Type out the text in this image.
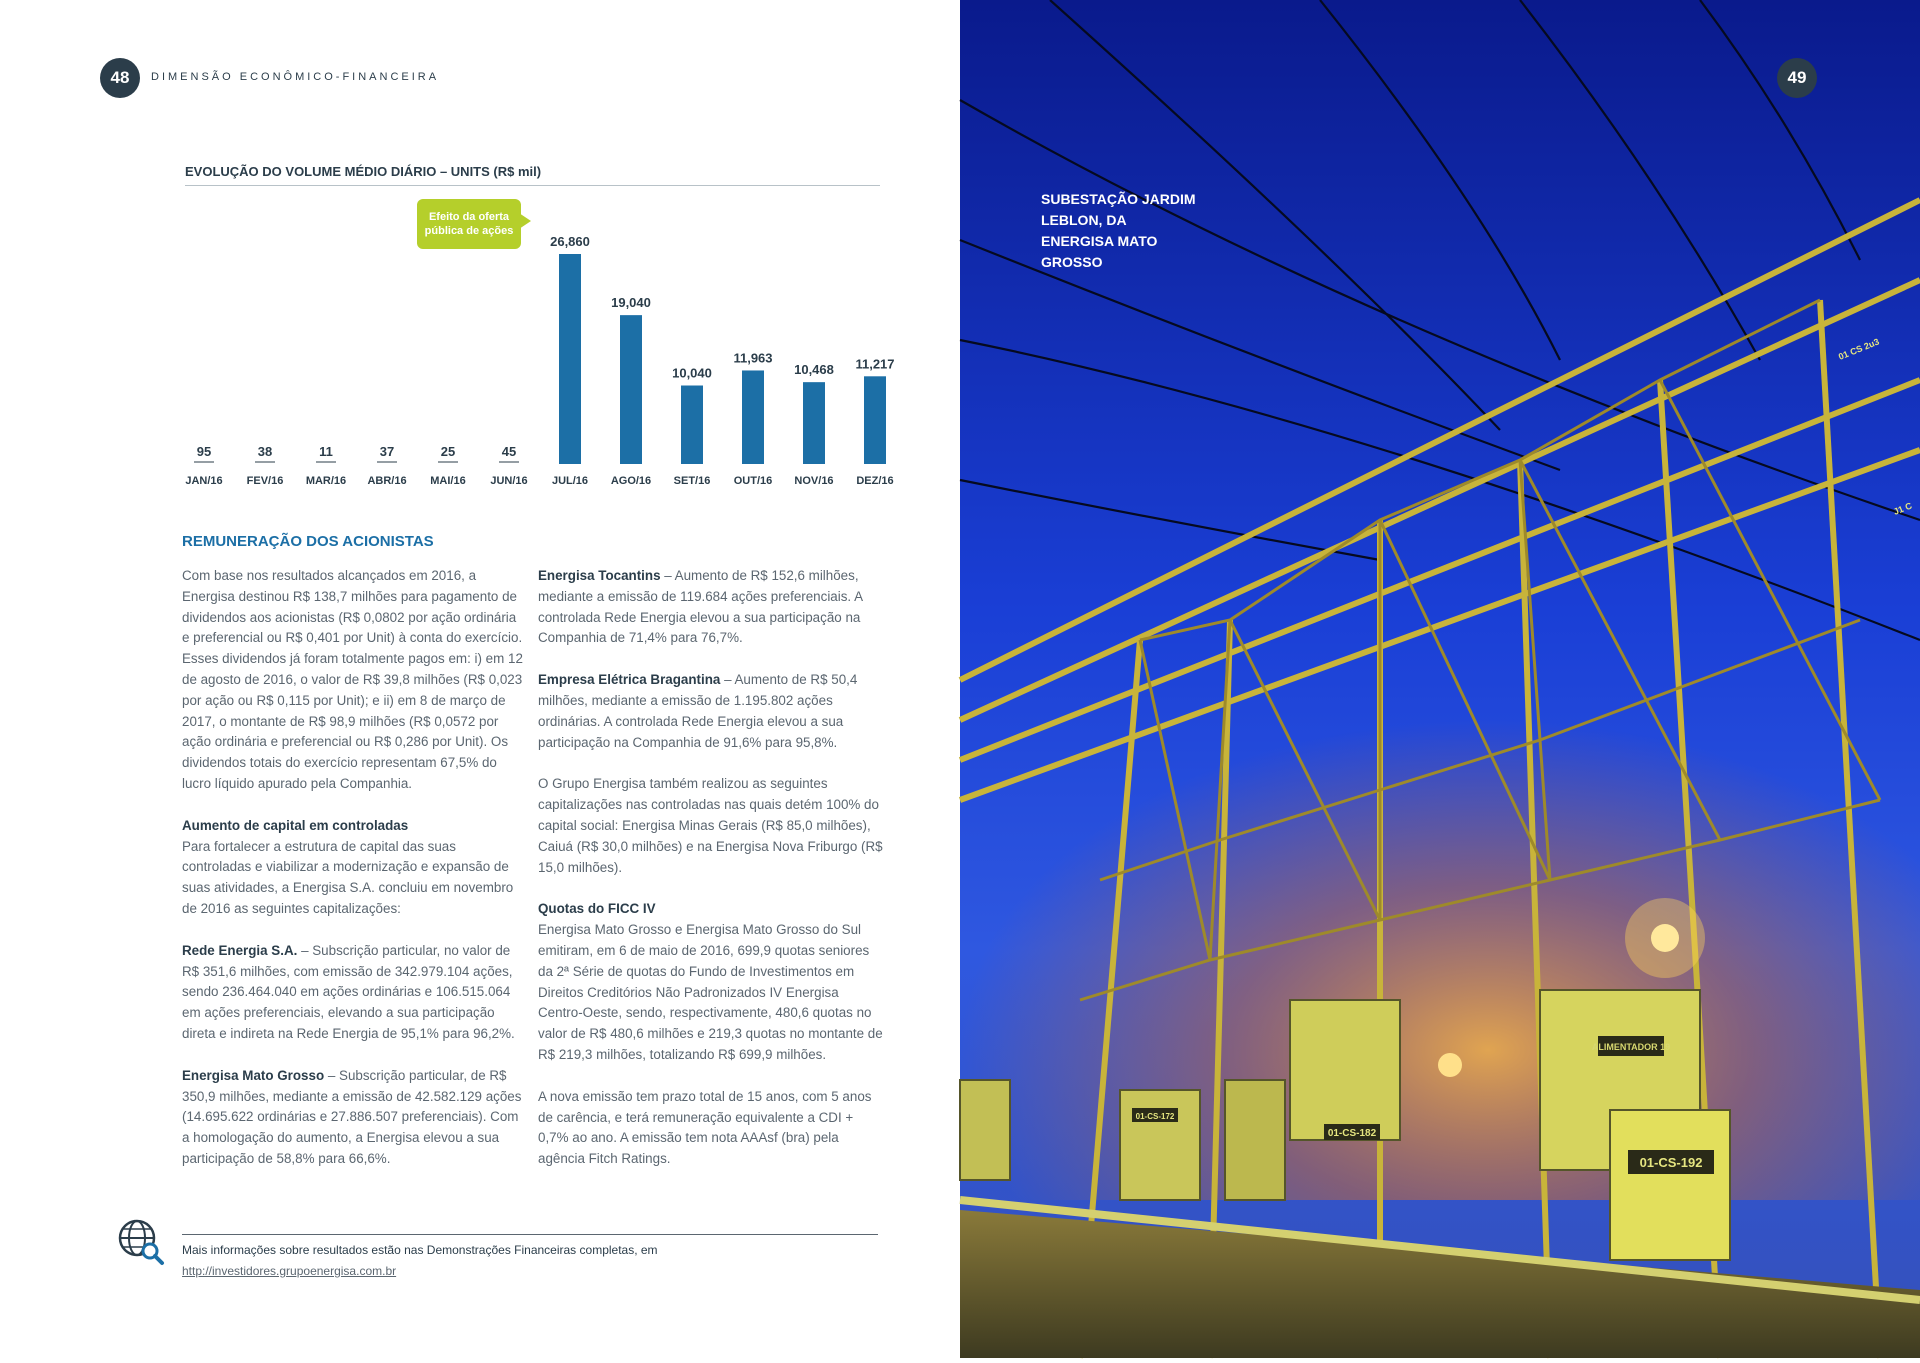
48	DIMENSÃO ECONÔMICO-FINANCEIRA
EVOLUÇÃO DO VOLUME MÉDIO DIÁRIO – UNITS (R$ mil)
Efeito da oferta pública de ações
95
JAN/16
38
FEV/16
11
MAR/16
37
ABR/16
25
MAI/16
45
JUN/16
26,860
JUL/16
19,040
AGO/16
10,040
SET/16
11,963
OUT/16
10,468
NOV/16
11,217
DEZ/16
REMUNERAÇÃO DOS ACIONISTAS

Com base nos resultados alcançados em 2016, a Energisa destinou R$ 138,7 milhões para pagamento de dividendos aos acionistas (R$ 0,0802 por ação ordinária e preferencial ou R$ 0,401 por Unit) à conta do exercício. Esses dividendos já foram totalmente pagos em: i) em 12 de agosto de 2016, o valor de R$ 39,8 milhões (R$ 0,023 por ação ou R$ 0,115 por Unit); e ii) em 8 de março de 2017, o montante de R$ 98,9 milhões (R$ 0,0572 por ação ordinária e preferencial ou R$ 0,286 por Unit). Os dividendos totais do exercício representam 67,5% do lucro líquido apurado pela Companhia.

Aumento de capital em controladas
Para fortalecer a estrutura de capital das suas controladas e viabilizar a modernização e expansão de suas atividades, a Energisa S.A. concluiu em novembro de 2016 as seguintes capitalizações:

Rede Energia S.A. – Subscrição particular, no valor de R$ 351,6 milhões, com emissão de 342.979.104 ações, sendo 236.464.040 em ações ordinárias e 106.515.064 em ações preferenciais, elevando a sua participação direta e indireta na Rede Energia de 95,1% para 96,2%.

Energisa Mato Grosso – Subscrição particular, de R$ 350,9 milhões, mediante a emissão de 42.582.129 ações (14.695.622 ordinárias e 27.886.507 preferenciais). Com a homologação do aumento, a Energisa elevou a sua participação de 58,8% para 66,6%.

Energisa Tocantins – Aumento de R$ 152,6 milhões, mediante a emissão de 119.684 ações preferenciais. A controlada Rede Energia elevou a sua participação na Companhia de 71,4% para 76,7%.

Empresa Elétrica Bragantina – Aumento de R$ 50,4 milhões, mediante a emissão de 1.195.802 ações ordinárias. A controlada Rede Energia elevou a sua participação na Companhia de 91,6% para 95,8%.

O Grupo Energisa também realizou as seguintes capitalizações nas controladas nas quais detém 100% do capital social: Energisa Minas Gerais (R$ 85,0 milhões), Caiuá (R$ 30,0 milhões) e na Energisa Nova Friburgo (R$ 15,0 milhões).

Quotas do FICC IV
Energisa Mato Grosso e Energisa Mato Grosso do Sul emitiram, em 6 de maio de 2016, 699,9 quotas seniores da 2ª Série de quotas do Fundo de Investimentos em Direitos Creditórios Não Padronizados IV Energisa Centro-Oeste, sendo, respectivamente, 480,6 quotas no valor de R$ 480,6 milhões e 219,3 quotas no montante de R$ 219,3 milhões, totalizando R$ 699,9 milhões.

A nova emissão tem prazo total de 15 anos, com 5 anos de carência, e terá remuneração equivalente a CDI + 0,7% ao ano. A emissão tem nota AAAsf (bra) pela agência Fitch Ratings.

Mais informações sobre resultados estão nas Demonstrações Financeiras completas, em http://investidores.grupoenergisa.com.br
ALIMENTADOR 19
01-CS-192
01-CS-182
01-CS-172
01 CS 2u3
J1 C
49
SUBESTAÇÃO JARDIM LEBLON, DA ENERGISA MATO GROSSO
